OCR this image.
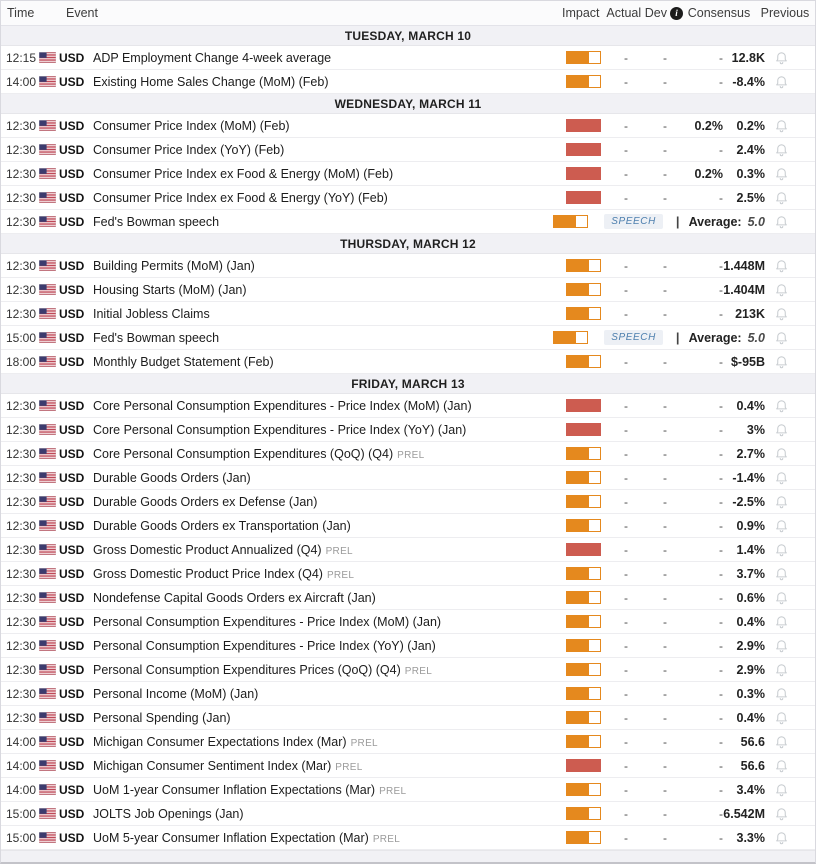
Time	Event	Impact Actual Dev i Consensus Previous
TUESDAY, MARCH 10
12:15 USD ADP Employment Change 4-week average	-	-	- 12.8K
14:00 USD Existing Home Sales Change (MoM) (Feb)	-	-	- -8.4%
WEDNESDAY, MARCH 11
12:30 USD Consumer Price Index (MoM) (Feb)	-	-	0.2%	0.2%
12:30 USD Consumer Price Index (YoY) (Feb)	-	-	-	2.4%
12:30 USD Consumer Price Index ex Food & Energy (MoM) (Feb)	-	-	0.2%	0.3%
12:30 USD Consumer Price Index ex Food & Energy (YoY) (Feb)	-	-	-	2.5%
12:30 USD Fed's Bowman speech	SPEECH	| Average: 5.0
THURSDAY, MARCH 12
12:30 USD Building Permits (MoM) (Jan)	-	-	- 1.448M
12:30 USD Housing Starts (MoM) (Jan)	-	-	- 1.404M
12:30 USD Initial Jobless Claims	-	-	- 213K
15:00 USD Fed's Bowman speech	SPEECH	| Average: 5.0
18:00 USD Monthly Budget Statement (Feb)	-	-	- $-95B
FRIDAY, MARCH 13
12:30 USD Core Personal Consumption Expenditures - Price Index (MoM) (Jan)	-	-	-	0.4%
12:30 USD Core Personal Consumption Expenditures - Price Index (YoY) (Jan)	-	-	-	3%
12:30 USD Core Personal Consumption Expenditures (QoQ) (Q4) PREL	-	-	-	2.7%
12:30 USD Durable Goods Orders (Jan)	-	-	- -1.4%
12:30 USD Durable Goods Orders ex Defense (Jan)	-	-	- -2.5%
12:30 USD Durable Goods Orders ex Transportation (Jan)	-	-	-	0.9%
12:30 USD Gross Domestic Product Annualized (Q4) PREL	-	-	-	1.4%
12:30 USD Gross Domestic Product Price Index (Q4) PREL	-	-	-	3.7%
12:30 USD Nondefense Capital Goods Orders ex Aircraft (Jan)	-	-	-	0.6%
12:30 USD Personal Consumption Expenditures - Price Index (MoM) (Jan)	-	-	-	0.4%
12:30 USD Personal Consumption Expenditures - Price Index (YoY) (Jan)	-	-	-	2.9%
12:30 USD Personal Consumption Expenditures Prices (QoQ) (Q4) PREL	-	-	-	2.9%
12:30 USD Personal Income (MoM) (Jan)	-	-	-	0.3%
12:30 USD Personal Spending (Jan)	-	-	-	0.4%
14:00 USD Michigan Consumer Expectations Index (Mar) PREL	-	-	-	56.6
14:00 USD Michigan Consumer Sentiment Index (Mar) PREL	-	-	-	56.6
14:00 USD UoM 1-year Consumer Inflation Expectations (Mar) PREL	-	-	-	3.4%
15:00 USD JOLTS Job Openings (Jan)	-	-	- 6.542M
15:00 USD UoM 5-year Consumer Inflation Expectation (Mar) PREL	-	-	-	3.3%
